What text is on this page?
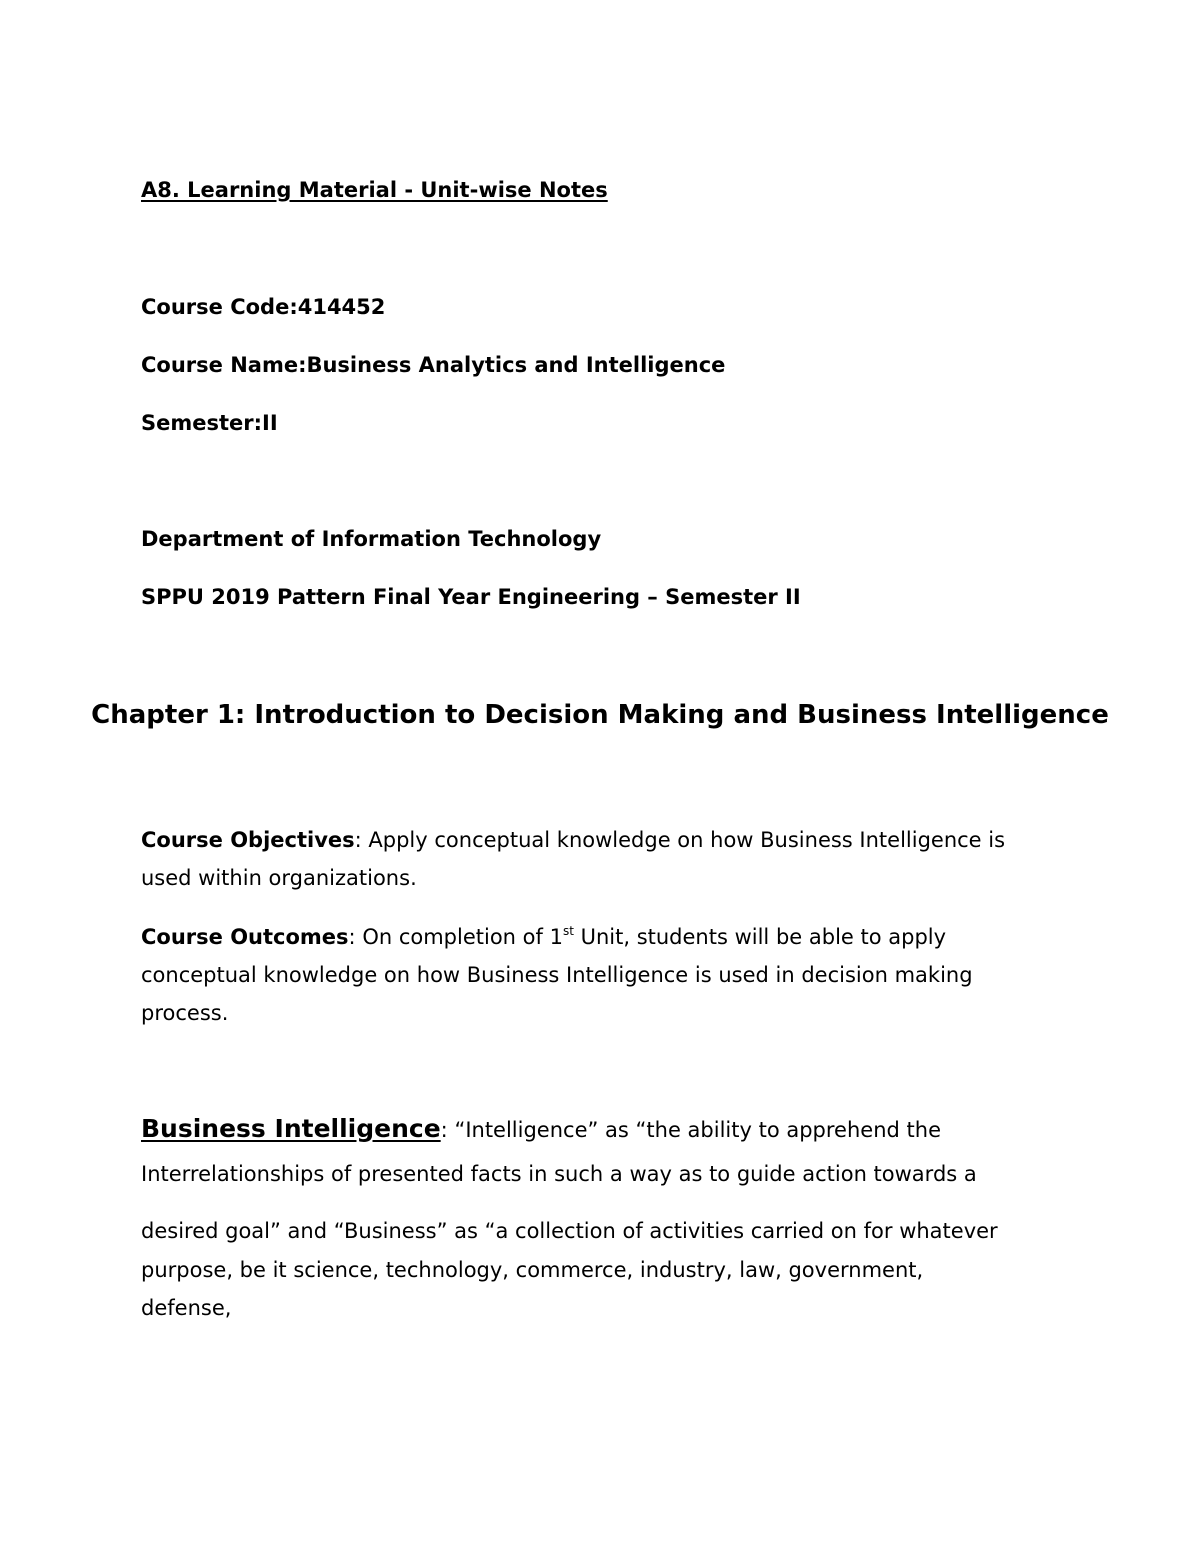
A8. Learning Material - Unit-wise Notes

Course Code:414452

Course Name:Business Analytics and Intelligence

Semester:II

Department of Information Technology

SPPU 2019 Pattern Final Year Engineering – Semester II

Chapter 1: Introduction to Decision Making and Business Intelligence

Course Objectives: Apply conceptual knowledge on how Business Intelligence is

used within organizations.

Course Outcomes: On completion of 1st Unit, students will be able to apply

conceptual knowledge on how Business Intelligence is used in decision making

process.

Business Intelligence: “Intelligence” as “the ability to apprehend the

Interrelationships of presented facts in such a way as to guide action towards a

desired goal” and “Business” as “a collection of activities carried on for whatever

purpose, be it science, technology, commerce, industry, law, government,

defense,
